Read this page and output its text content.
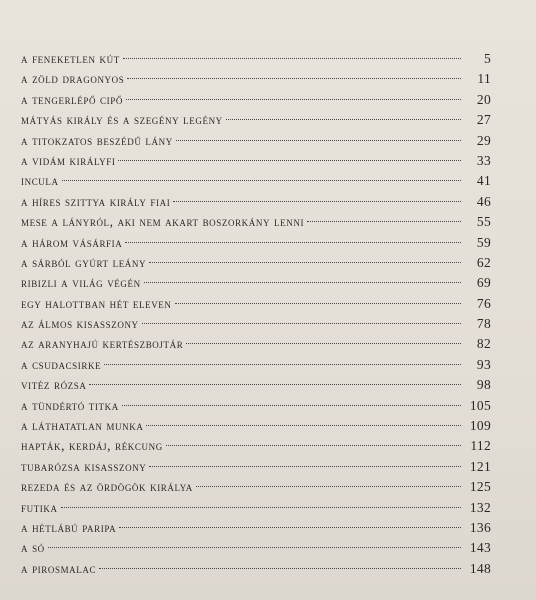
a feneketlen kút	5
a zöld dragonyos	11
a tengerlépő cipő	20
mátyás király és a szegény legény	27
a titokzatos beszédű lány	29
a vidám királyfi	33
incula	41
a híres szittya király fiai	46
mese a lányról, aki nem akart boszorkány lenni	55
a három vásárfia	59
a sárból gyúrt leány	62
ribizli a világ végén	69
egy halottban hét eleven	76
az álmos kisasszony	78
az aranyhajú kertészbojtár	82
a csudacsirke	93
vitéz rózsa	98
a tündértó titka	105
a láthatatlan munka	109
hapták, kerdáj, rékcung	112
tubarózsa kisasszony	121
rezeda és az ördögök királya	125
futika	132
a hétlábú paripa	136
a só	143
a pirosmalac	148
